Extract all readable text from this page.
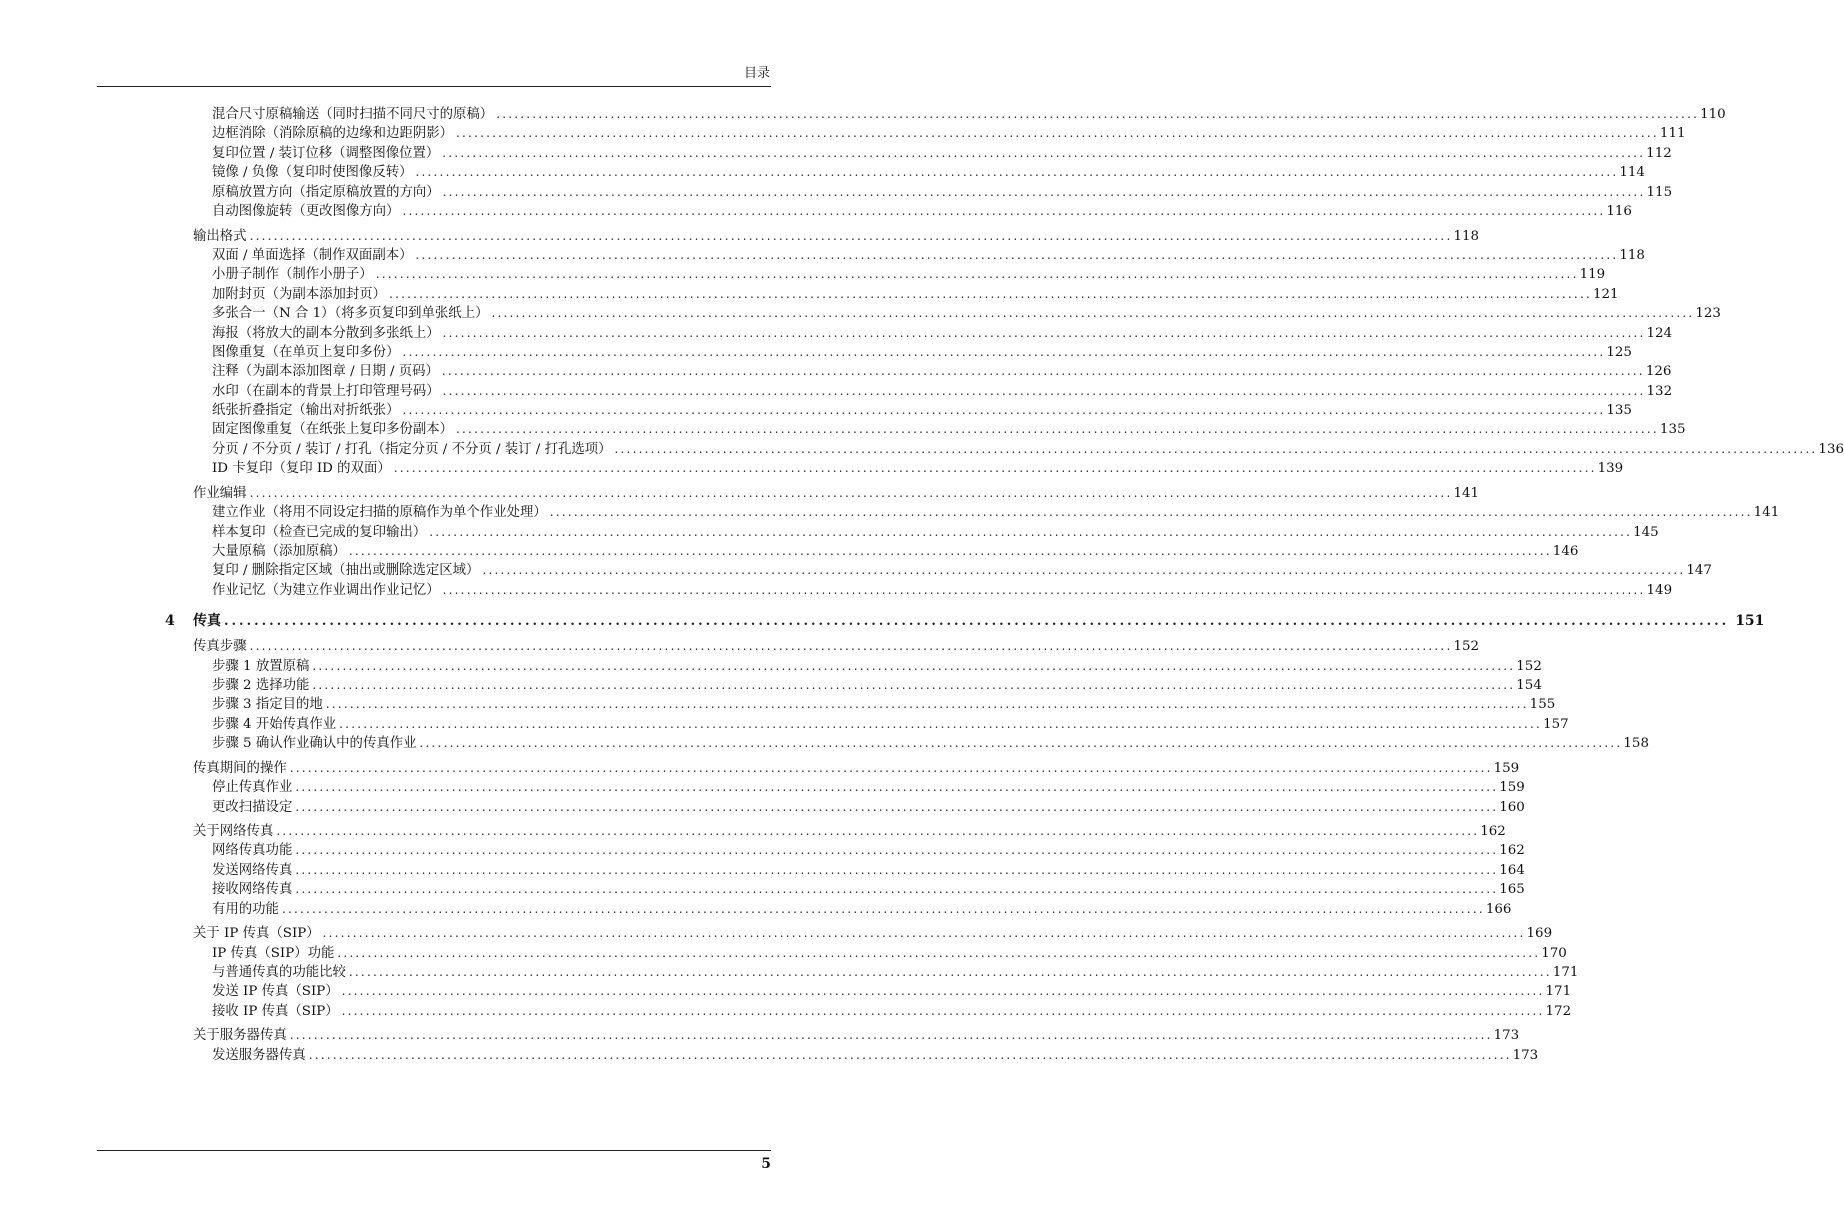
目录
混合尺寸原稿输送（同时扫描不同尺寸的原稿） ........................................................................................................................................................................................................ 110
边框消除（消除原稿的边缘和边距阴影） ........................................................................................................................................................................................................ 111
复印位置 / 装订位移（调整图像位置） ........................................................................................................................................................................................................ 112
镜像 / 负像（复印时使图像反转） ........................................................................................................................................................................................................ 114
原稿放置方向（指定原稿放置的方向） ........................................................................................................................................................................................................ 115
自动图像旋转（更改图像方向） ........................................................................................................................................................................................................ 116
输出格式 ........................................................................................................................................................................................................ 118
双面 / 单面选择（制作双面副本） ........................................................................................................................................................................................................ 118
小册子制作（制作小册子） ........................................................................................................................................................................................................ 119
加附封页（为副本添加封页） ........................................................................................................................................................................................................ 121
多张合一（N 合 1）（将多页复印到单张纸上） ........................................................................................................................................................................................................ 123
海报（将放大的副本分散到多张纸上） ........................................................................................................................................................................................................ 124
图像重复（在单页上复印多份） ........................................................................................................................................................................................................ 125
注释（为副本添加图章 / 日期 / 页码） ........................................................................................................................................................................................................ 126
水印（在副本的背景上打印管理号码） ........................................................................................................................................................................................................ 132
纸张折叠指定（输出对折纸张） ........................................................................................................................................................................................................ 135
固定图像重复（在纸张上复印多份副本） ........................................................................................................................................................................................................ 135
分页 / 不分页 / 装订 / 打孔（指定分页 / 不分页 / 装订 / 打孔选项） ........................................................................................................................................................................................................ 136
ID 卡复印（复印 ID 的双面） ........................................................................................................................................................................................................ 139
作业编辑 ........................................................................................................................................................................................................ 141
建立作业（将用不同设定扫描的原稿作为单个作业处理） ........................................................................................................................................................................................................ 141
样本复印（检查已完成的复印输出） ........................................................................................................................................................................................................ 145
大量原稿（添加原稿） ........................................................................................................................................................................................................ 146
复印 / 删除指定区域（抽出或删除选定区域） ........................................................................................................................................................................................................ 147
作业记忆（为建立作业调出作业记忆） ........................................................................................................................................................................................................ 149
4	传真 ........................................................................................................................................................................................................ 151
传真步骤 ........................................................................................................................................................................................................ 152
步骤 1 放置原稿 ........................................................................................................................................................................................................ 152
步骤 2 选择功能 ........................................................................................................................................................................................................ 154
步骤 3 指定目的地 ........................................................................................................................................................................................................ 155
步骤 4 开始传真作业 ........................................................................................................................................................................................................ 157
步骤 5 确认作业确认中的传真作业 ........................................................................................................................................................................................................ 158
传真期间的操作 ........................................................................................................................................................................................................ 159
停止传真作业 ........................................................................................................................................................................................................ 159
更改扫描设定 ........................................................................................................................................................................................................ 160
关于网络传真 ........................................................................................................................................................................................................ 162
网络传真功能 ........................................................................................................................................................................................................ 162
发送网络传真 ........................................................................................................................................................................................................ 164
接收网络传真 ........................................................................................................................................................................................................ 165
有用的功能 ........................................................................................................................................................................................................ 166
关于 IP 传真（SIP） ........................................................................................................................................................................................................ 169
IP 传真（SIP）功能 ........................................................................................................................................................................................................ 170
与普通传真的功能比较 ........................................................................................................................................................................................................ 171
发送 IP 传真（SIP） ........................................................................................................................................................................................................ 171
接收 IP 传真（SIP） ........................................................................................................................................................................................................ 172
关于服务器传真 ........................................................................................................................................................................................................ 173
发送服务器传真 ........................................................................................................................................................................................................ 173
5
